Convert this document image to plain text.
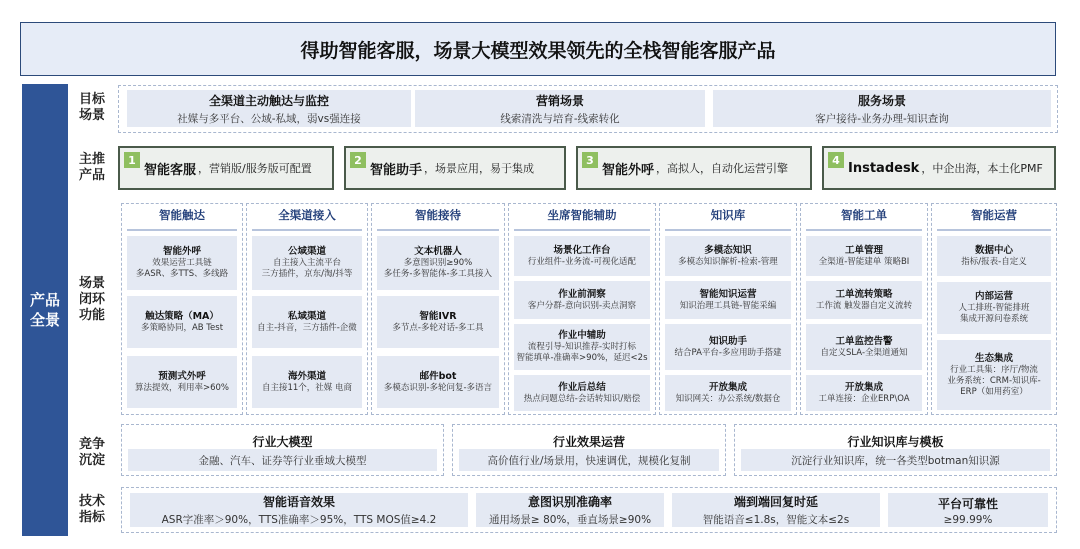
得助智能客服，场景大模型效果领先的全栈智能客服产品
产品
全景
目标
场景
主推
产品
场景
闭环
功能
竞争
沉淀
技术
指标
全渠道主动触达与监控
社媒与多平台、公域-私域，弱vs强连接
营销场景
线索清洗与培育-线索转化
服务场景
客户接待-业务办理-知识查询
1
智能客服 ，营销版/服务版可配置
2
智能助手 ，场景应用，易于集成
3
智能外呼 ，高拟人，自动化运营引擎
4
Instadesk ，中企出海，本土化PMF
智能触达
智能外呼
效果运营工具链
多ASR、多TTS、多线路
触达策略（MA）
多策略协同，AB Test
预测式外呼
算法提效，利用率>60%
全渠道接入
公域渠道
自主接入主流平台
三方插件，京东/淘/抖等
私域渠道
自主-抖音，三方插件-企微
海外渠道
自主接11个，社媒 电商
智能接待
文本机器人
多意图识别≥90%
多任务-多智能体-多工具接入
智能IVR
多节点-多轮对话-多工具
邮件bot
多模态识别-多轮问复-多语言
坐席智能辅助
场景化工作台
行业组件-业务流-可视化适配
作业前洞察
客户分群-意向识别-卖点洞察
作业中辅助
流程引导-知识推荐-实时打标
智能填单-准确率>90%，延迟<2s
作业后总结
热点问题总结-会话转知识/赔偿
知识库
多模态知识
多模态知识解析-检索-管理
智能知识运营
知识治理工具链-智能采编
知识助手
结合PA平台-多应用助手搭建
开放集成
知识网关：办公系统/数据仓
智能工单
工单管理
全渠道-智能建单 策略BI
工单流转策略
工作流 触发器自定义流转
工单监控告警
自定义SLA-全渠道通知
开放集成
工单连接：企业ERP\OA
智能运营
数据中心
指标/报表-自定义
内部运营
人工排班-智能排班
集成开源问卷系统
生态集成
行业工具集：序厅/物流
业务系统：CRM-知识库-
ERP（如用药室）
行业大模型
金融、汽车、证券等行业垂域大模型
行业效果运营
高价值行业/场景用，快速调优，规模化复制
行业知识库与模板
沉淀行业知识库，统一各类型botman知识源
智能语音效果
ASR字准率＞90%，TTS准确率＞95%，TTS MOS值≥4.2
意图识别准确率
通用场景≥ 80%，垂直场景≥90%
端到端回复时延
智能语音≤1.8s，智能文本≤2s
平台可靠性
≥99.99%
